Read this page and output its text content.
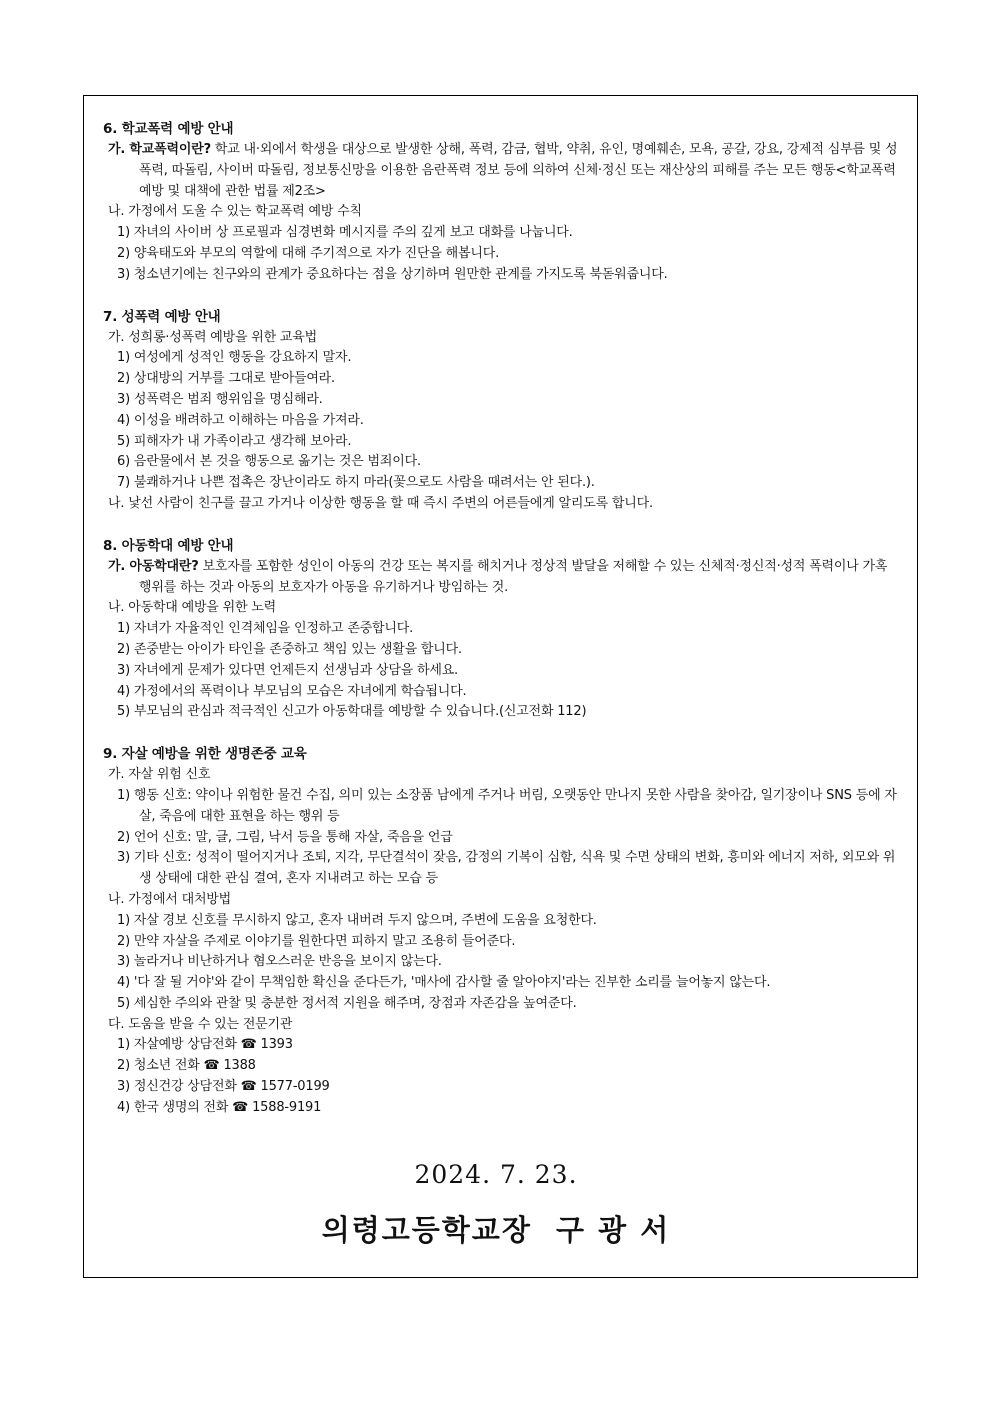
6. 학교폭력 예방 안내
가. 학교폭력이란? 학교 내·외에서 학생을 대상으로 발생한 상해, 폭력, 감금, 협박, 약취, 유인, 명예훼손, 모욕, 공갈, 강요, 강제적 심부름 및 성폭력, 따돌림, 사이버 따돌림, 정보통신망을 이용한 음란폭력 정보 등에 의하여 신체·정신 또는 재산상의 피해를 주는 모든 행동<학교폭력예방 및 대책에 관한 법률 제2조>
나. 가정에서 도울 수 있는 학교폭력 예방 수칙
1) 자녀의 사이버 상 프로필과 심경변화 메시지를 주의 깊게 보고 대화를 나눕니다.
2) 양육태도와 부모의 역할에 대해 주기적으로 자가 진단을 해봅니다.
3) 청소년기에는 친구와의 관계가 중요하다는 점을 상기하며 원만한 관계를 가지도록 북돋워줍니다.
7. 성폭력 예방 안내
가. 성희롱·성폭력 예방을 위한 교육법
1) 여성에게 성적인 행동을 강요하지 말자.
2) 상대방의 거부를 그대로 받아들여라.
3) 성폭력은 범죄 행위임을 명심해라.
4) 이성을 배려하고 이해하는 마음을 가져라.
5) 피해자가 내 가족이라고 생각해 보아라.
6) 음란물에서 본 것을 행동으로 옮기는 것은 범죄이다.
7) 불쾌하거나 나쁜 접촉은 장난이라도 하지 마라(꽃으로도 사람을 때려서는 안 된다.).
나. 낯선 사람이 친구를 끌고 가거나 이상한 행동을 할 때 즉시 주변의 어른들에게 알리도록 합니다.
8. 아동학대 예방 안내
가. 아동학대란? 보호자를 포함한 성인이 아동의 건강 또는 복지를 해치거나 정상적 발달을 저해할 수 있는 신체적·정신적·성적 폭력이나 가혹 행위를 하는 것과 아동의 보호자가 아동을 유기하거나 방임하는 것.
나. 아동학대 예방을 위한 노력
1) 자녀가 자율적인 인격체임을 인정하고 존중합니다.
2) 존중받는 아이가 타인을 존중하고 책임 있는 생활을 합니다.
3) 자녀에게 문제가 있다면 언제든지 선생님과 상담을 하세요.
4) 가정에서의 폭력이나 부모님의 모습은 자녀에게 학습됩니다.
5) 부모님의 관심과 적극적인 신고가 아동학대를 예방할 수 있습니다.(신고전화 112)
9. 자살 예방을 위한 생명존중 교육
가. 자살 위험 신호
1) 행동 신호: 약이나 위험한 물건 수집, 의미 있는 소장품 남에게 주거나 버림, 오랫동안 만나지 못한 사람을 찾아감, 일기장이나 SNS 등에 자살, 죽음에 대한 표현을 하는 행위 등
2) 언어 신호: 말, 글, 그림, 낙서 등을 통해 자살, 죽음을 언급
3) 기타 신호: 성적이 떨어지거나 조퇴, 지각, 무단결석이 잦음, 감정의 기복이 심함, 식욕 및 수면 상태의 변화, 흥미와 에너지 저하, 외모와 위생 상태에 대한 관심 결여, 혼자 지내려고 하는 모습 등
나. 가정에서 대처방법
1) 자살 경보 신호를 무시하지 않고, 혼자 내버려 두지 않으며, 주변에 도움을 요청한다.
2) 만약 자살을 주제로 이야기를 원한다면 피하지 말고 조용히 들어준다.
3) 놀라거나 비난하거나 혐오스러운 반응을 보이지 않는다.
4) '다 잘 될 거야'와 같이 무책임한 확신을 준다든가, '매사에 감사할 줄 알아야지'라는 진부한 소리를 늘어놓지 않는다.
5) 세심한 주의와 관찰 및 충분한 정서적 지원을 해주며, 장점과 자존감을 높여준다.
다. 도움을 받을 수 있는 전문기관
1) 자살예방 상담전화 ☎ 1393
2) 청소년 전화 ☎ 1388
3) 정신건강 상담전화 ☎ 1577-0199
4) 한국 생명의 전화 ☎ 1588-9191
2024. 7. 23.
의령고등학교장  구 광 서
